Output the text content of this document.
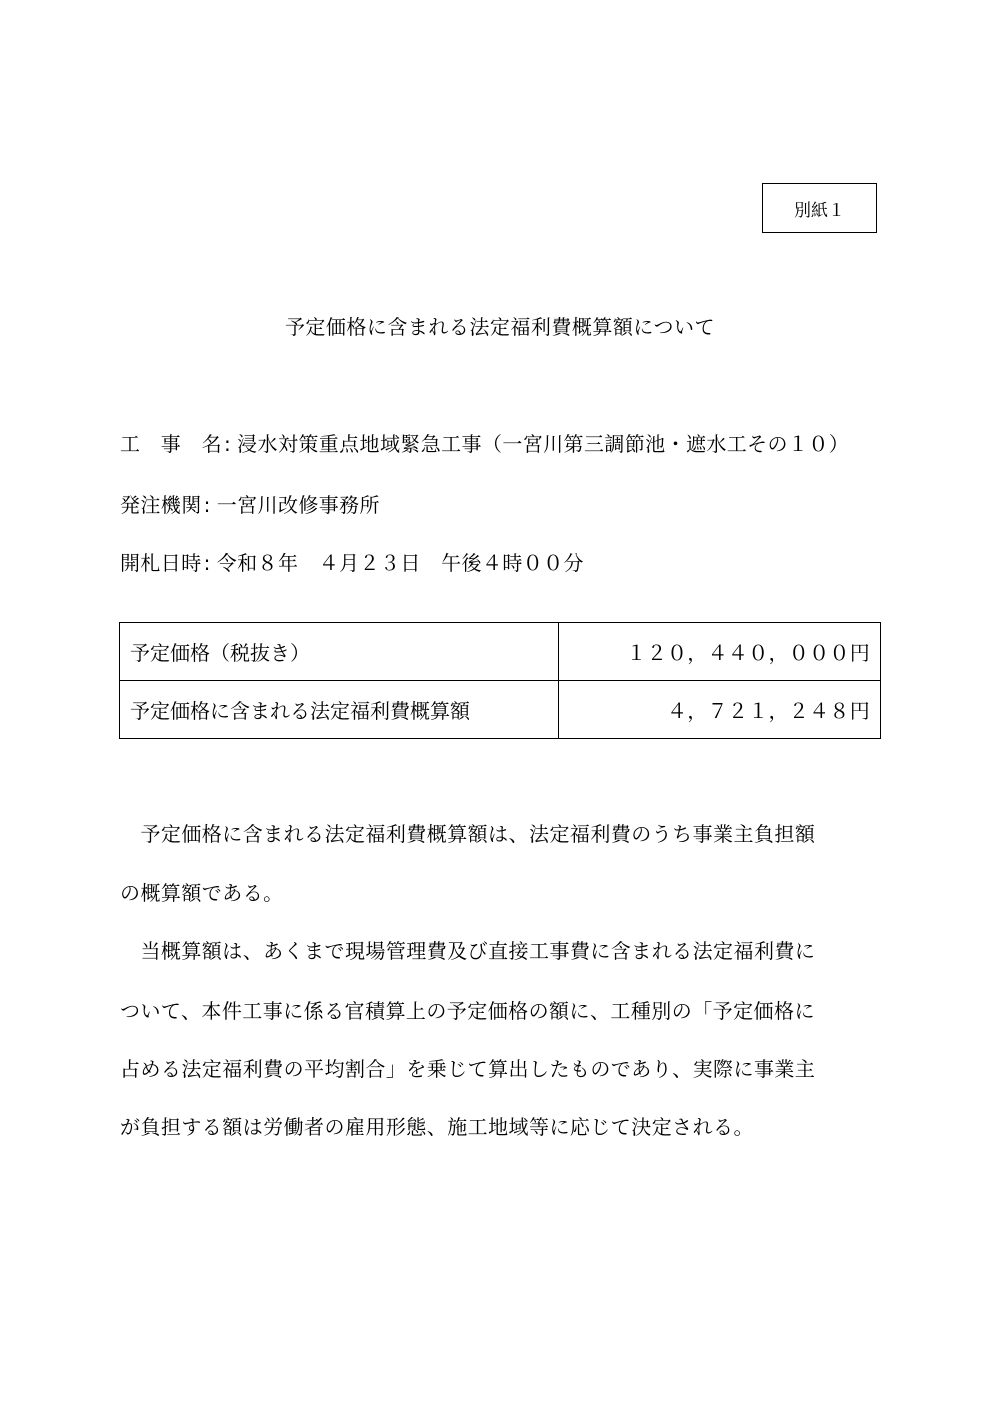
別紙１
予定価格に含まれる法定福利費概算額について
工　事　名 : 浸水対策重点地域緊急工事（一宮川第三調節池・遮水工その１０）
発注機関 : 一宮川改修事務所
開札日時 : 令和８年　４月２３日　午後４時００分
予定価格（税抜き）	１２０，４４０，０００円
予定価格に含まれる法定福利費概算額	４，７２１，２４８円
　予定価格に含まれる法定福利費概算額は、法定福利費のうち事業主負担額
の概算額である。
　当概算額は、あくまで現場管理費及び直接工事費に含まれる法定福利費に
ついて、本件工事に係る官積算上の予定価格の額に、工種別の「予定価格に
占める法定福利費の平均割合」を乗じて算出したものであり、実際に事業主
が負担する額は労働者の雇用形態、施工地域等に応じて決定される。
